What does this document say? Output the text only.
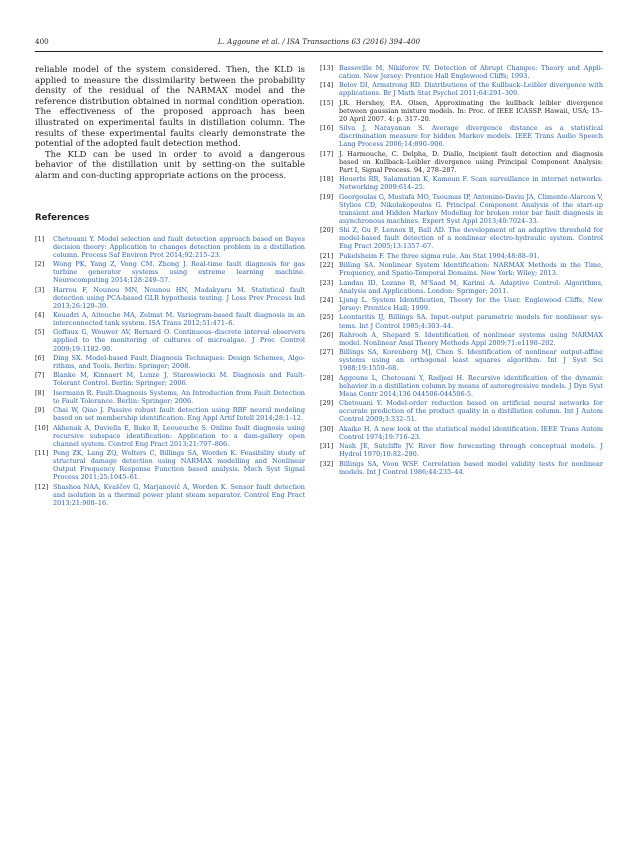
400	L. Aggoune et al. / ISA Transactions 63 (2016) 394–400

reliable model of the system considered. Then, the KLD is applied to measure the dissimilarity between the probability density of the residual of the NARMAX model and the reference distribution obtained in normal condition operation. The effectiveness of the proposed approach has been illustrated on experimental faults in distillation column. The results of these experimental faults clearly demonstrate the potential of the adopted fault detection method.

The KLD can be used in order to avoid a dangerous behavior of the distillation unit by setting-on the suitable alarm and con-ducting appropriate actions on the process.

References
[1]	Chetouani Y. Model selection and fault detection approach based on Bayes decision theory: Application to changes detection problem in a distillation column. Process Saf Environ Prot 2014;92:215–23.
[2]	Wong PK, Yang Z, Vong CM, Zhong J. Real-time fault diagnosis for gas turbine generator systems using extreme learning machine. Neurocomputing 2014;128:249–57.
[3]	Harrou F, Nounou MN, Nounou HN, Madakyaru M. Statistical fault detection using PCA-based GLR hypothesis testing. J Loss Prev Process Ind 2013;26:129–39.
[4]	Kouadri A, Aitouche MA, Zelmat M. Variogram-based fault diagnosis in an interconnected tank system. ISA Trans 2012;51:471–6.
[5]	Goffaux G, Wouwer AV, Bernard O. Continuous–discrete interval observers applied to the monitoring of cultures of microalgae. J Proc Control 2009;19:1182–90.
[6]	Ding SX. Model-based Fault Diagnosis Techniques: Design Schemes, Algo-rithms, and Tools. Berlin: Springer; 2008.
[7]	Blanke M, Kinnaert M, Lunze J, Staroswiecki M. Diagnosis and Fault-Tolerant Control. Berlin: Springer; 2006.
[8]	Isermann R. Fault-Diagnosis Systems, An Introduction from Fault Detection to Fault Tolerance. Berlin: Springer; 2006.
[9]	Chai W, Qiao J. Passive robust fault detection using RBF neural modeling based on set membership identification. Eng Appl Artif Intell 2014;28:1–12.
[10] Akhenak A, Duviella E, Bako B, Leoueuche S. Online fault diagnosis using recursive subspace identification: Application to a dam-gallery open channel system. Control Eng Pract 2013;21:797–806.
[11] Peng ZK, Lang ZQ, Wolters C, Billings SA, Worden K. Feasibility study of structural damage detection using NARMAX modelling and Nonlinear Output Frequency Response Function based analysis. Mech Syst Signal Process 2011;25:1045–61.
[12] Shashoa NAA, Kvaščev G, Marjanović A, Worden K. Sensor fault detection and isolation in a thermal power plant steam separator. Control Eng Pract 2013;21:908–16.
[13] Basseville M, Nikiforov IV. Detection of Abrupt Changes: Theory and Appli-cation. New Jersey: Prentice Hall Englewood Cliffs; 1993.
[14] Belov DI, Armstrong RD. Distributions of the Kullback–Leibler divergence with applications. Br J Math Stat Psychol 2011;64:291–309.
[15] J.R. Hershey, P.A. Olsen, Approximating the kullback leibler divergence between gaussian mixture models. In: Proc. of IEEE ICASSP. Hawaii, USA; 15–20 April 2007. 4: p. 317–20.
[16] Silva J, Narayanan S. Average divergence distance as a statistical discrimination measure for hidden Markov models. IEEE Trans Audio Speech Lang Process 2006;14:890–906.
[17] J. Harmouche, C. Delpha, D. Diallo, Incipient fault detection and diagnosis based on Kullback–Leibler divergence using Principal Component Analysis: Part I, Signal Process. 94, 278–287.
[18] Houerbi RR, Salamatian K, Kamoun F. Scan surveillance in internet networks. Networking 2009:614–25.
[19] Georgoulas G, Mustafa MO, Tsoumas IP, Antonino-Daviu JA, Climente-Alarcon V, Stylios CD, Nikolakopoulos G. Principal Component Analysis of the start-up transient and Hidden Markov Modeling for broken rotor bar fault diagnosis in asynchronous machines. Expert Syst Appl 2013;40:7024–33.
[20] Shi Z, Gu F, Lennox B, Ball AD. The development of an adaptive threshold for model-based fault detection of a nonlinear electro-hydraulic system. Control Eng Pract 2005;13:1357–67.
[21] Pukelsheim F. The three sigma rule. Am Stat 1994;48:88–91.
[22] Billing SA. Nonlinear System Identification: NARMAX Methods in the Time, Frequency, and Spatio-Temporal Domains. New York: Wiley; 2013.
[23] Landau ID, Lozano R, M'Saad M, Karimi A. Adaptive Control: Algorithms, Analysis and Applications. London: Springer; 2011.
[24] Ljung L. System Identification, Theory for the User. Englewood Cliffs, New Jersey: Prentice Hall; 1999.
[25] Leontaritis IJ, Billings SA. Input–output parametric models for nonlinear sys-tems. Int J Control 1985;4:303–44.
[26] Rahrooh A, Shepard S. Identification of nonlinear systems using NARMAX model. Nonlinear Anal Theory Methods Appl 2009;71:e1198–202.
[27] Billings SA, Korenberg MJ, Chen S. Identification of nonlinear output-affine systems using an orthogonal least squares algorithm. Int J Syst Sci 1988;19:1559–68.
[28] Aggoune L, Chetouani Y, Radjeai H. Recursive identification of the dynamic behavior in a distillation column by means of autoregressive models. J Dyn Syst Meas Contr 2014;136 044506-044506-5.
[29] Chetouani Y. Model-order reduction based on artificial neural networks for accurate prediction of the product quality in a distillation column. Int J Autom Control 2009;3:332–51.
[30] Akaike H. A new look at the statistical model identification. IEEE Trans Autom Control 1974;19:716–23.
[31] Nash JE, Sutcliffe JV. River flow forecasting through conceptual models. J Hydrol 1970;10:82–290.
[32] Billings SA, Voon WSF. Correlation based model validity tests for nonlinear models. Int J Control 1986;44:235–44.
